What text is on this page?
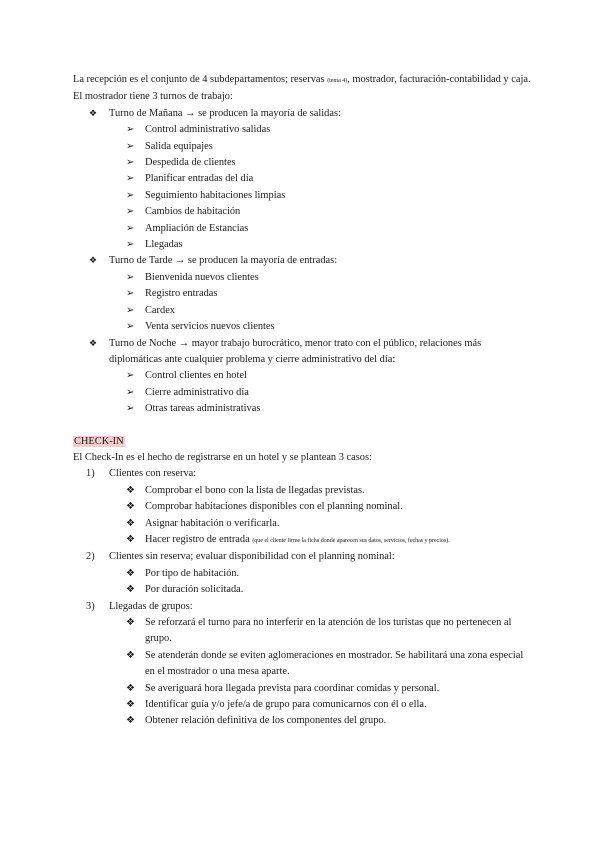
La recepción es el conjunto de 4 subdepartamentos; reservas (tema 4), mostrador, facturación-contabilidad y caja. El mostrador tiene 3 turnos de trabajo:

❖ Turno de Mañana → se producen la mayoría de salidas:
➢ Control administrativo salidas
➢ Salida equipajes
➢ Despedida de clientes
➢ Planificar entradas del día
➢ Seguimiento habitaciones limpias
➢ Cambios de habitación
➢ Ampliación de Estancias
➢ Llegadas
❖ Turno de Tarde → se producen la mayoría de entradas:
➢ Bienvenida nuevos clientes
➢ Registro entradas
➢ Cardex
➢ Venta servicios nuevos clientes
❖ Turno de Noche → mayor trabajo burocrático, menor trato con el público, relaciones más diplomáticas ante cualquier problema y cierre administrativo del día:
➢ Control clientes en hotel
➢ Cierre administrativo día
➢ Otras tareas administrativas

CHECK-IN

El Check-In es el hecho de registrarse en un hotel y se plantean 3 casos:

1) Clientes con reserva:
❖ Comprobar el bono con la lista de llegadas previstas.
❖ Comprobar habitaciones disponibles con el planning nominal.
❖ Asignar habitación o verificarla.
❖ Hacer registro de entrada (que el cliente firme la ficha donde aparecen sus datos, servicios, fechas y precios).
2) Clientes sin reserva; evaluar disponibilidad con el planning nominal:
❖ Por tipo de habitación.
❖ Por duración solicitada.
3) Llegadas de grupos:
❖ Se reforzará el turno para no interferir en la atención de los turistas que no pertenecen al grupo.
❖ Se atenderán donde se eviten aglomeraciones en mostrador. Se habilitará una zona especial en el mostrador o una mesa aparte.
❖ Se averiguará hora llegada prevista para coordinar comidas y personal.
❖ Identificar guía y/o jefe/a de grupo para comunicarnos con él o ella.
❖ Obtener relación definitiva de los componentes del grupo.
